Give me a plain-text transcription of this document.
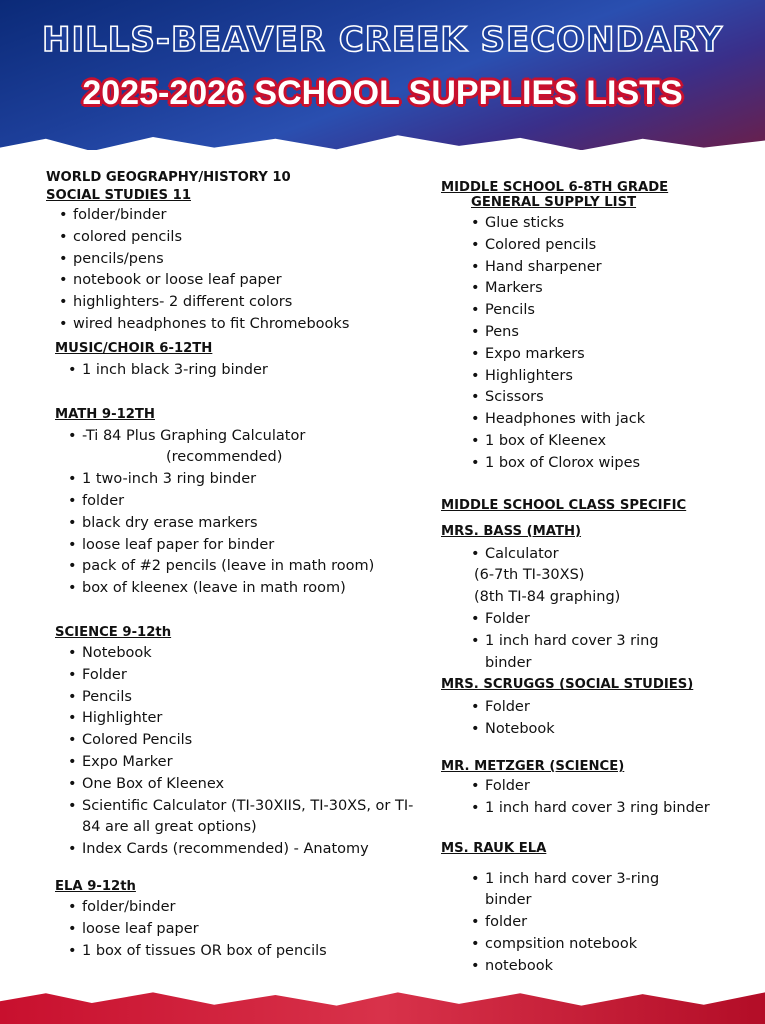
HILLS-BEAVER CREEK SECONDARY
2025-2026 SCHOOL SUPPLIES LISTS

WORLD GEOGRAPHY/HISTORY 10

SOCIAL STUDIES 11

• folder/binder
• colored pencils
• pencils/pens
• notebook or loose leaf paper
• highlighters- 2 different colors
• wired headphones to fit Chromebooks

MUSIC/CHOIR 6-12TH

• 1 inch black 3-ring binder

MATH 9-12TH

• -Ti 84 Plus Graphing Calculator
(recommended)
• 1 two-inch 3 ring binder
• folder
• black dry erase markers
• loose leaf paper for binder
• pack of #2 pencils (leave in math room)
• box of kleenex (leave in math room)

SCIENCE 9-12th

• Notebook
• Folder
• Pencils
• Highlighter
• Colored Pencils
• Expo Marker
• One Box of Kleenex
• Scientific Calculator (TI-30XIIS, TI-30XS, or TI-84 are all great options)
• Index Cards (recommended) - Anatomy

ELA 9-12th

• folder/binder
• loose leaf paper
• 1 box of tissues OR box of pencils

MIDDLE SCHOOL 6-8TH GRADE

GENERAL SUPPLY LIST

• Glue sticks
• Colored pencils
• Hand sharpener
• Markers
• Pencils
• Pens
• Expo markers
• Highlighters
• Scissors
• Headphones with jack
• 1 box of Kleenex
• 1 box of Clorox wipes

MIDDLE SCHOOL CLASS SPECIFIC

MRS. BASS (MATH)

• Calculator
(6-7th TI-30XS)
(8th TI-84 graphing)
• Folder
• 1 inch hard cover 3 ring binder

MRS. SCRUGGS (SOCIAL STUDIES)

• Folder
• Notebook

MR. METZGER (SCIENCE)

• Folder
• 1 inch hard cover 3 ring binder

MS. RAUK ELA

• 1 inch hard cover 3-ring binder
• folder
• compsition notebook
• notebook
